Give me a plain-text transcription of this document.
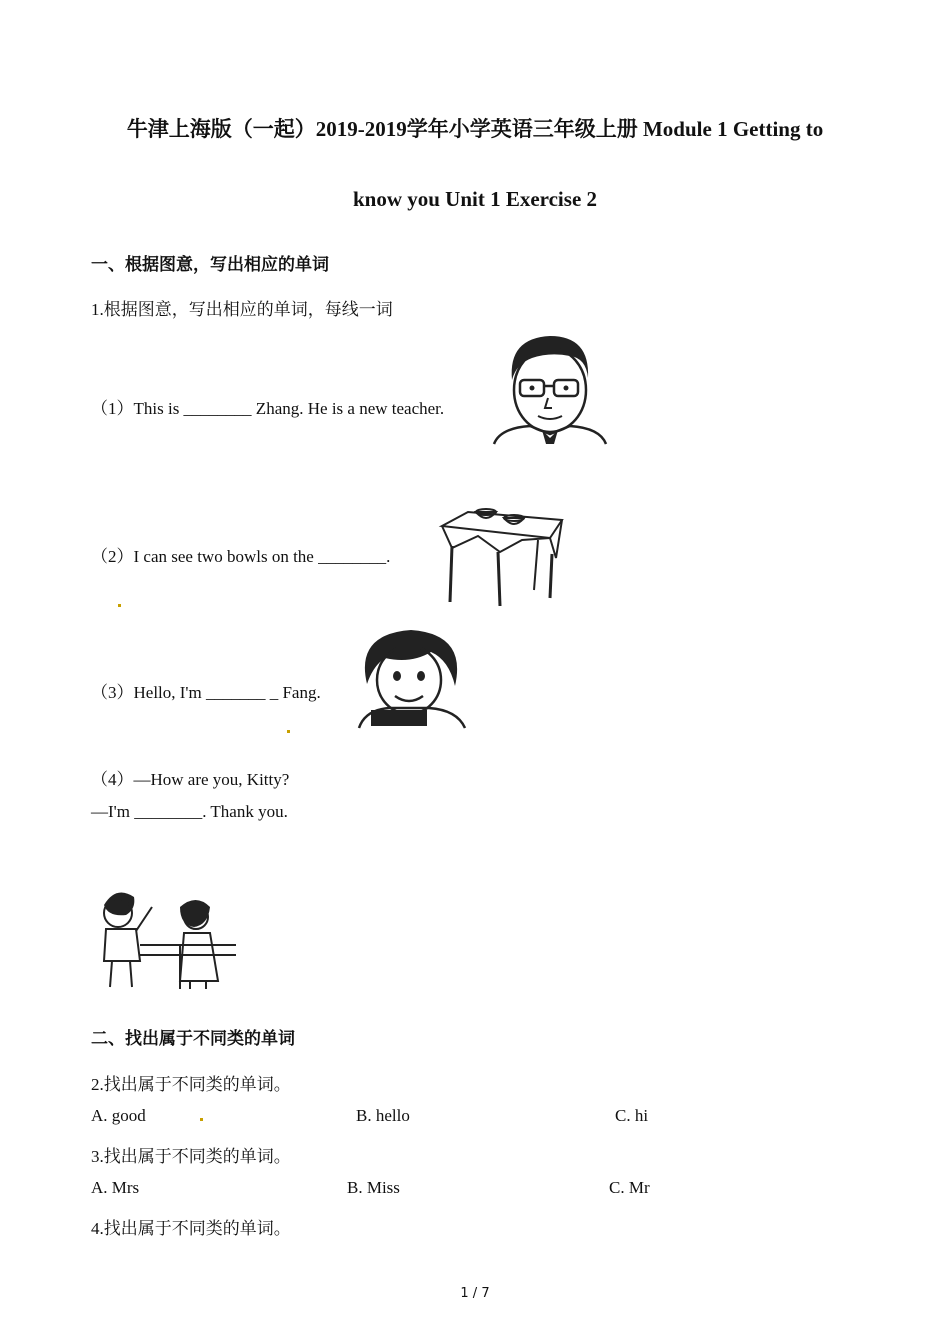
牛津上海版（一起）2019-2019学年小学英语三年级上册 Module 1 Getting to
know you Unit 1 Exercise 2
一、根据图意，写出相应的单词
1.根据图意，写出相应的单词，每线一词
（1）This is ________ Zhang. He is a new teacher.
（2）I can see two bowls on the ________.
（3）Hello, I'm _______ _ Fang.
（4）—How are you, Kitty?
—I'm ________. Thank you.
二、找出属于不同类的单词
2.找出属于不同类的单词。
A. good	B. hello	C. hi
3.找出属于不同类的单词。
A. Mrs	B. Miss	C. Mr
4.找出属于不同类的单词。
1 / 7
